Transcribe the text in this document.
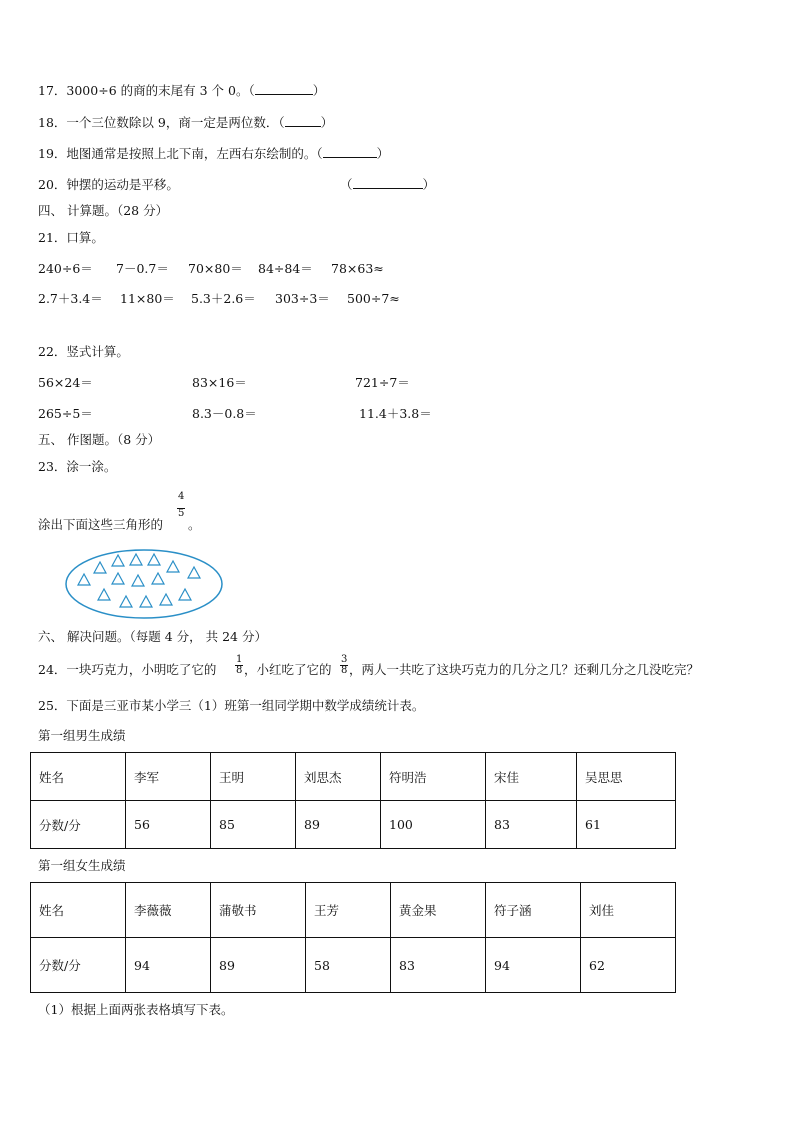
17．3000÷6 的商的末尾有 3 个 0。（	）
18．一个三位数除以 9，商一定是两位数．（	）
19．地图通常是按照上北下南，左西右东绘制的。（	）
20．钟摆的运动是平移。	（	）
四、 计算题。（28 分）
21．口算。
240÷6＝ 7－0.7＝ 70×80＝ 84÷84＝ 78×63≈
2.7＋3.4＝ 11×80＝ 5.3＋2.6＝ 303÷3＝ 500÷7≈
22．竖式计算。
56×24＝	83×16＝	721÷7＝
265÷5＝	8.3－0.8＝	11.4＋3.8＝
五、 作图题。（8 分）
23．涂一涂。
涂出下面这些三角形的
$\frac{4}{5}$
。
六、 解决问题。（每题 4 分， 共 24 分）
24．一块巧克力，小明吃了它的 $\frac{1}{8}$ ，小红吃了它的 $\frac{3}{8}$ ，两人一共吃了这块巧克力的几分之几？还剩几分之几没吃完？
25．下面是三亚市某小学三（1）班第一组同学期中数学成绩统计表。
第一组男生成绩
姓名	李军	王明	刘思杰	符明浩	宋佳	吴思思
分数/分	56	85	89	100	83	61
第一组女生成绩
姓名	李薇薇	蒲敬书	王芳	黄金果	符子涵	刘佳
分数/分	94	89	58	83	94	62
（1）根据上面两张表格填写下表。
